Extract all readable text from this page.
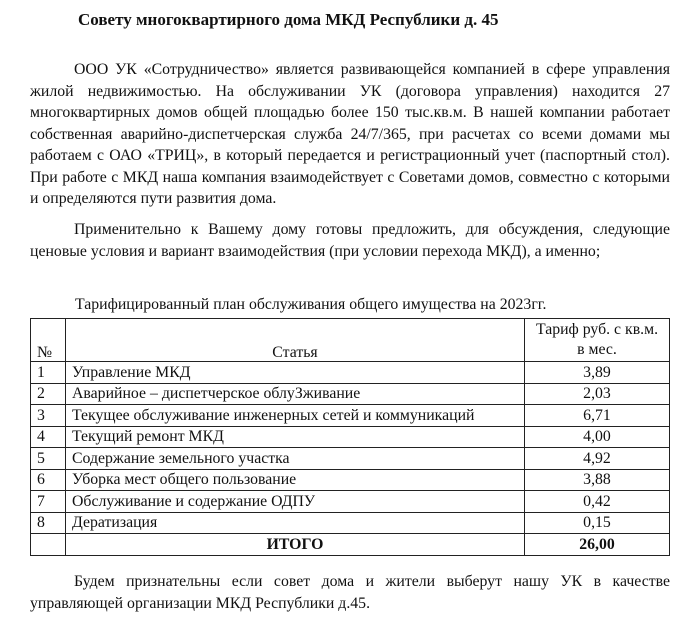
Совету многоквартирного дома МКД Республики д. 45
ООО УК «Сотрудничество» является развивающейся компанией в сфере управления жилой недвижимостью. На обслуживании УК (договора управления) находится 27 многоквартирных домов общей площадью более 150 тыс.кв.м. В нашей компании работает собственная аварийно-диспетчерская служба 24/7/365, при расчетах со всеми домами мы работаем с ОАО «ТРИЦ», в который передается и регистрационный учет (паспортный стол). При работе с МКД наша компания взаимодействует с Советами домов, совместно с которыми и определяются пути развития дома.
Применительно к Вашему дому готовы предложить, для обсуждения, следующие ценовые условия и вариант взаимодействия (при условии перехода МКД), а именно;
Тарифицированный план обслуживания общего имущества на 2023гг.
№	Статья	Тариф руб. с кв.м. в мес.
1	Управление МКД	3,89
2	Аварийное – диспетчерское облуЗживание	2,03
3	Текущее обслуживание инженерных сетей и коммуникаций	6,71
4	Текущий ремонт МКД	4,00
5	Содержание земельного участка	4,92
6	Уборка мест общего пользование	3,88
7	Обслуживание и содержание ОДПУ	0,42
8	Дератизация	0,15
	ИТОГО	26,00
Будем признательны если совет дома и жители выберут нашу УК в качестве управляющей организации МКД Республики д.45.
